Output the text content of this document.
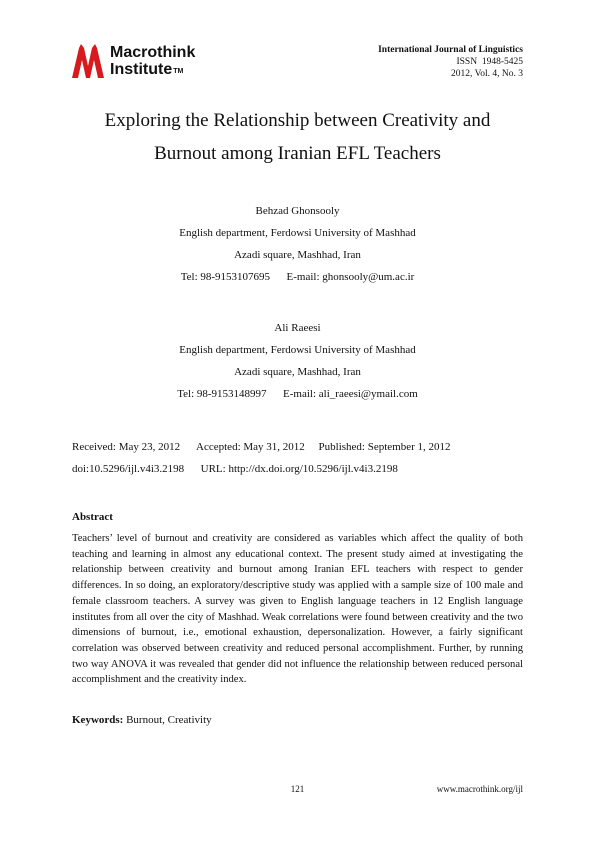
Macrothink
Institute™
International Journal of Linguistics
ISSN  1948-5425
2012, Vol. 4, No. 3
Exploring the Relationship between Creativity and
Burnout among Iranian EFL Teachers
Behzad Ghonsooly
English department, Ferdowsi University of Mashhad
Azadi square, Mashhad, Iran
Tel: 98-9153107695      E-mail: ghonsooly@um.ac.ir
Ali Raeesi
English department, Ferdowsi University of Mashhad
Azadi square, Mashhad, Iran
Tel: 98-9153148997      E-mail: ali_raeesi@ymail.com
Received: May 23, 2012      Accepted: May 31, 2012     Published: September 1, 2012
doi:10.5296/ijl.v4i3.2198      URL: http://dx.doi.org/10.5296/ijl.v4i3.2198
Abstract
Teachers’ level of burnout and creativity are considered as variables which affect the quality of both teaching and learning in almost any educational context. The present study aimed at investigating the relationship between creativity and burnout among Iranian EFL teachers with respect to gender differences. In so doing, an exploratory/descriptive study was applied with a sample size of 100 male and female classroom teachers. A survey was given to English language teachers in 12 English language institutes from all over the city of Mashhad. Weak correlations were found between creativity and the two dimensions of burnout, i.e., emotional exhaustion, depersonalization. However, a fairly significant correlation was observed between creativity and reduced personal accomplishment. Further, by running two way ANOVA it was revealed that gender did not influence the relationship between reduced personal accomplishment and the creativity index.
Keywords: Burnout, Creativity
121	www.macrothink.org/ijl
